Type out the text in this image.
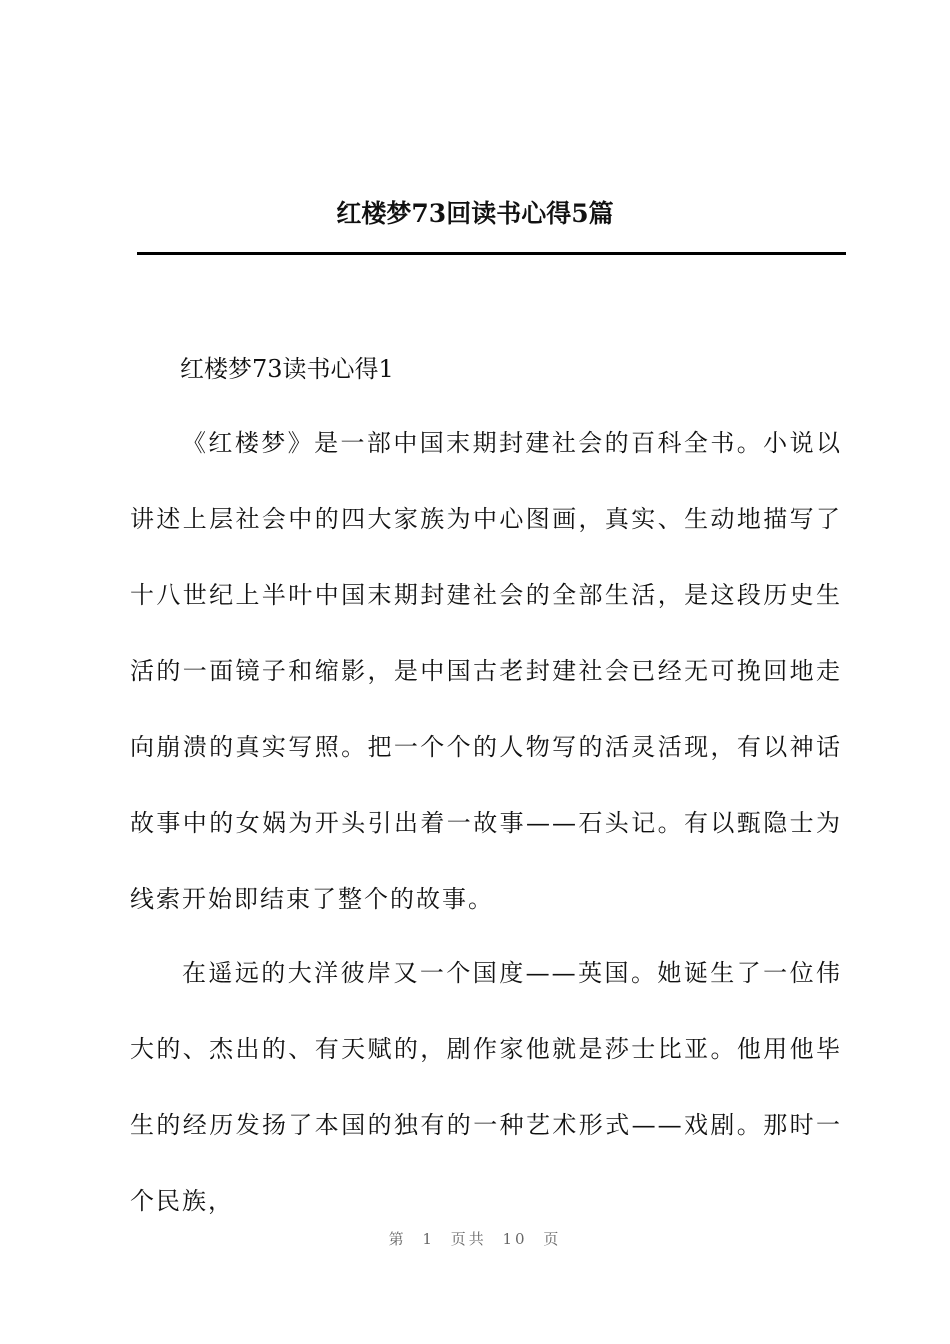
红楼梦73回读书心得5篇

红楼梦73读书心得1

《红楼梦》是一部中国末期封建社会的百科全书。小说以讲述上层社会中的四大家族为中心图画，真实、生动地描写了十八世纪上半叶中国末期封建社会的全部生活，是这段历史生活的一面镜子和缩影，是中国古老封建社会已经无可挽回地走向崩溃的真实写照。把一个个的人物写的活灵活现，有以神话故事中的女娲为开头引出着一故事——石头记。有以甄隐士为线索开始即结束了整个的故事。

在遥远的大洋彼岸又一个国度——英国。她诞生了一位伟大的、杰出的、有天赋的，剧作家他就是莎士比亚。他用他毕生的经历发扬了本国的独有的一种艺术形式——戏剧。那时一个民族，

第 1 页共 10 页
